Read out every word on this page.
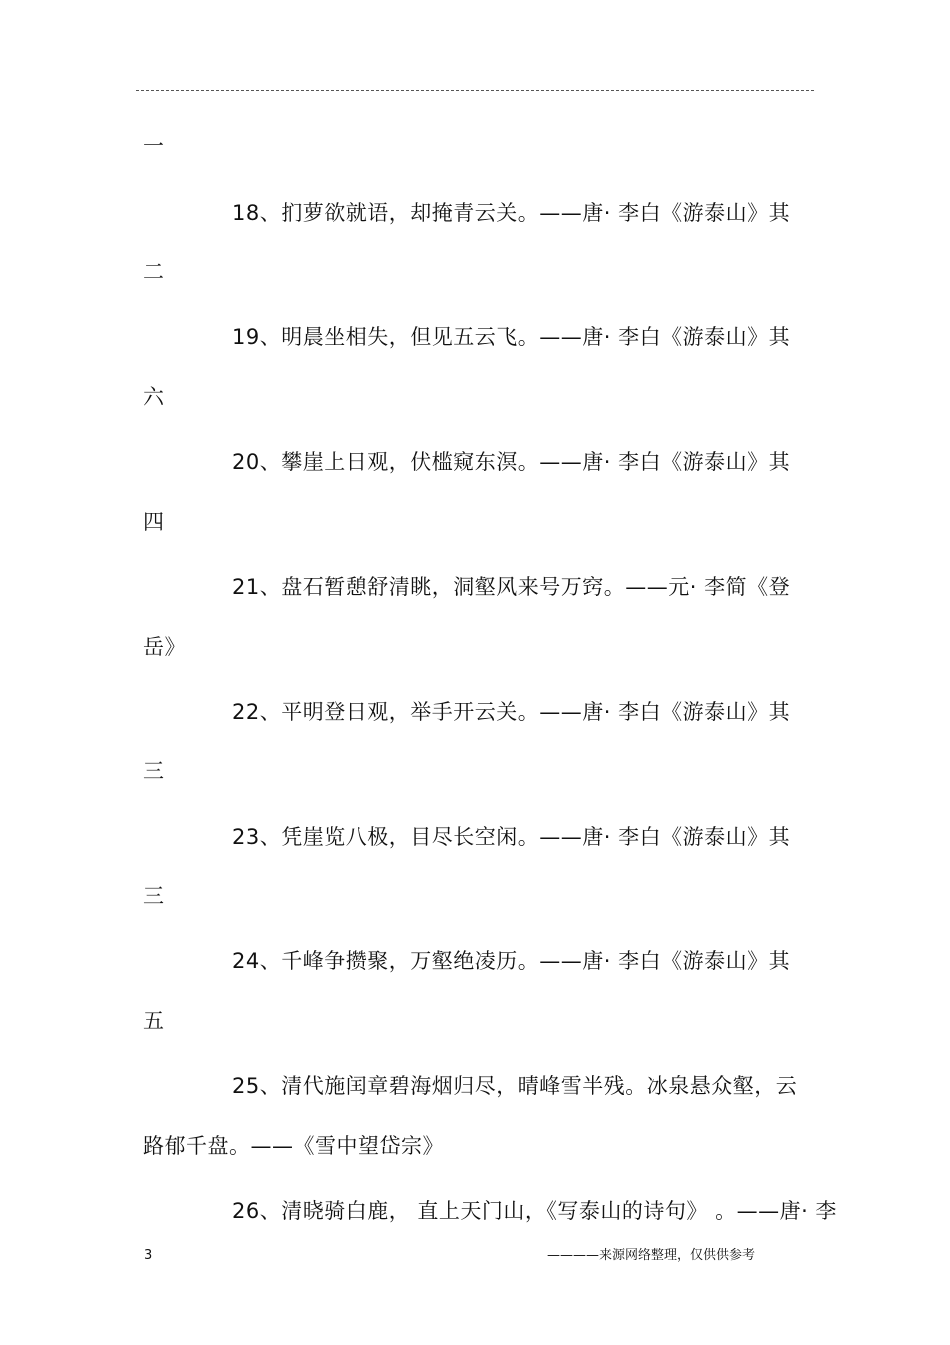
一
18、扪萝欲就语，却掩青云关。——唐· 李白《游泰山》其
二
19、明晨坐相失，但见五云飞。——唐· 李白《游泰山》其
六
20、攀崖上日观，伏槛窥东溟。——唐· 李白《游泰山》其
四
21、盘石暂憩舒清眺，洞壑风来号万窍。——元· 李简《登
岳》
22、平明登日观，举手开云关。——唐· 李白《游泰山》其
三
23、凭崖览八极，目尽长空闲。——唐· 李白《游泰山》其
三
24、千峰争攒聚，万壑绝凌历。——唐· 李白《游泰山》其
五
25、清代施闰章碧海烟归尽，晴峰雪半残。冰泉悬众壑，云
路郁千盘。——《雪中望岱宗》
26、清晓骑白鹿， 直上天门山，《写泰山的诗句》 。——唐· 李
3	————来源网络整理，仅供供参考
